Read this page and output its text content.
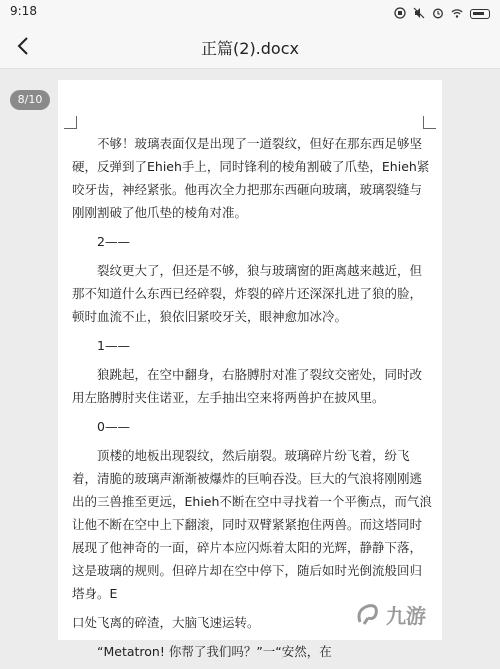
9:18
正篇(2).docx
8/10

不够！玻璃表面仅是出现了一道裂纹，但好在那东西足够坚硬，反弹到了Ehieh手上，同时锋利的棱角割破了爪垫，Ehieh紧咬牙齿，神经紧张。他再次全力把那东西砸向玻璃，玻璃裂缝与刚刚割破了他爪垫的棱角对准。

2——

裂纹更大了，但还是不够，狼与玻璃窗的距离越来越近，但那不知道什么东西已经碎裂，炸裂的碎片还深深扎进了狼的脸，顿时血流不止，狼依旧紧咬牙关，眼神愈加冰冷。

1——

狼跳起，在空中翻身，右胳膊肘对准了裂纹交密处，同时改用左胳膊肘夹住诺亚，左手抽出空来将两兽护在披风里。

0——

顶楼的地板出现裂纹，然后崩裂。玻璃碎片纷飞着，纷飞着，清脆的玻璃声渐渐被爆炸的巨响吞没。巨大的气浪将刚刚逃出的三兽推至更远，Ehieh不断在空中寻找着一个平衡点，而气浪让他不断在空中上下翻滚，同时双臂紧紧抱住两兽。而这塔同时展现了他神奇的一面，碎片本应闪烁着太阳的光辉，静静下落，这是玻璃的规则。但碎片却在空中停下，随后如时光倒流般回归塔身。E

口处飞离的碎渣，大脑飞速运转。

“Metatron! 你帮了我们吗？”一“安然，在

九游
